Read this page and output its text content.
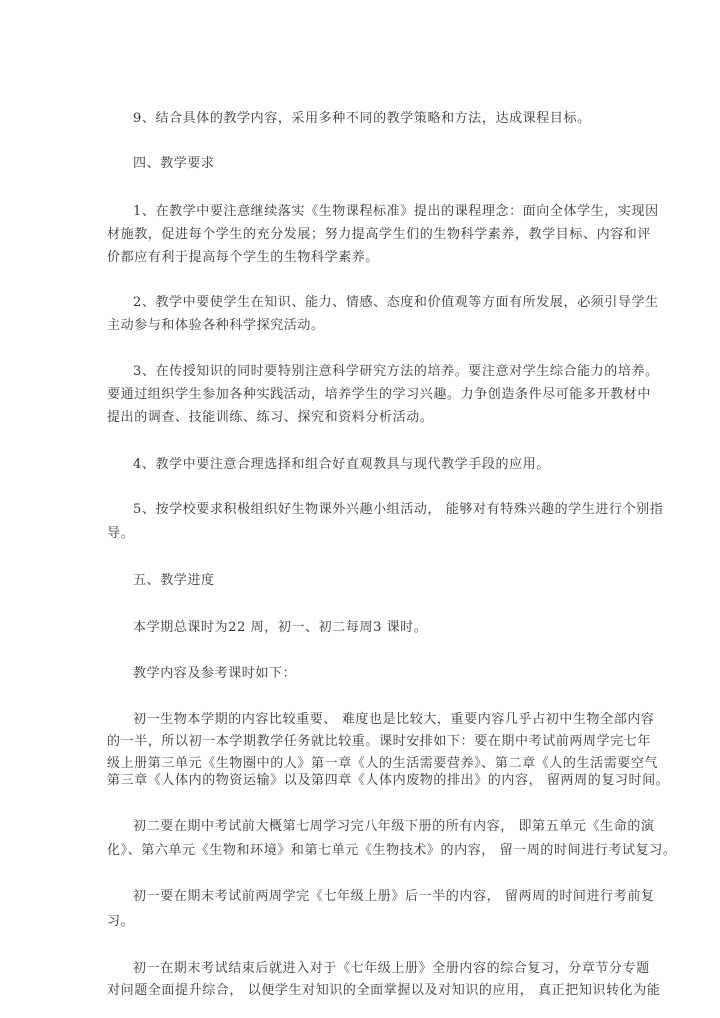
9、结合具体的教学内容，采用多种不同的教学策略和方法，达成课程目标。
四、教学要求
1、在教学中要注意继续落实《生物课程标准》提出的课程理念：面向全体学生，实现因
材施教，促进每个学生的充分发展；努力提高学生们的生物科学素养，教学目标、内容和评
价都应有利于提高每个学生的生物科学素养。
2、教学中要使学生在知识、能力、情感、态度和价值观等方面有所发展，必须引导学生
主动参与和体验各种科学探究活动。
3、在传授知识的同时要特别注意科学研究方法的培养。要注意对学生综合能力的培养。
要通过组织学生参加各种实践活动，培养学生的学习兴趣。力争创造条件尽可能多开教材中
提出的调查、技能训练、练习、探究和资料分析活动。
4、教学中要注意合理选择和组合好直观教具与现代教学手段的应用。
5、按学校要求积极组织好生物课外兴趣小组活动， 能够对有特殊兴趣的学生进行个别指
导。
五、教学进度
本学期总课时为22 周，初一、初二每周3 课时。
教学内容及参考课时如下：
初一生物本学期的内容比较重要、 难度也是比较大，重要内容几乎占初中生物全部内容
的一半，所以初一本学期教学任务就比较重。课时安排如下：要在期中考试前两周学完七年
级上册第三单元《生物圈中的人》第一章《人的生活需要营养》、第二章《人的生活需要空气
第三章《人体内的物资运输》以及第四章《人体内废物的排出》的内容， 留两周的复习时间。
初二要在期中考试前大概第七周学习完八年级下册的所有内容， 即第五单元《生命的演
化》、第六单元《生物和环境》和第七单元《生物技术》的内容， 留一周的时间进行考试复习。
初一要在期末考试前两周学完《七年级上册》后一半的内容， 留两周的时间进行考前复
习。
初一在期末考试结束后就进入对于《七年级上册》全册内容的综合复习，分章节分专题
对问题全面提升综合， 以便学生对知识的全面掌握以及对知识的应用， 真正把知识转化为能
